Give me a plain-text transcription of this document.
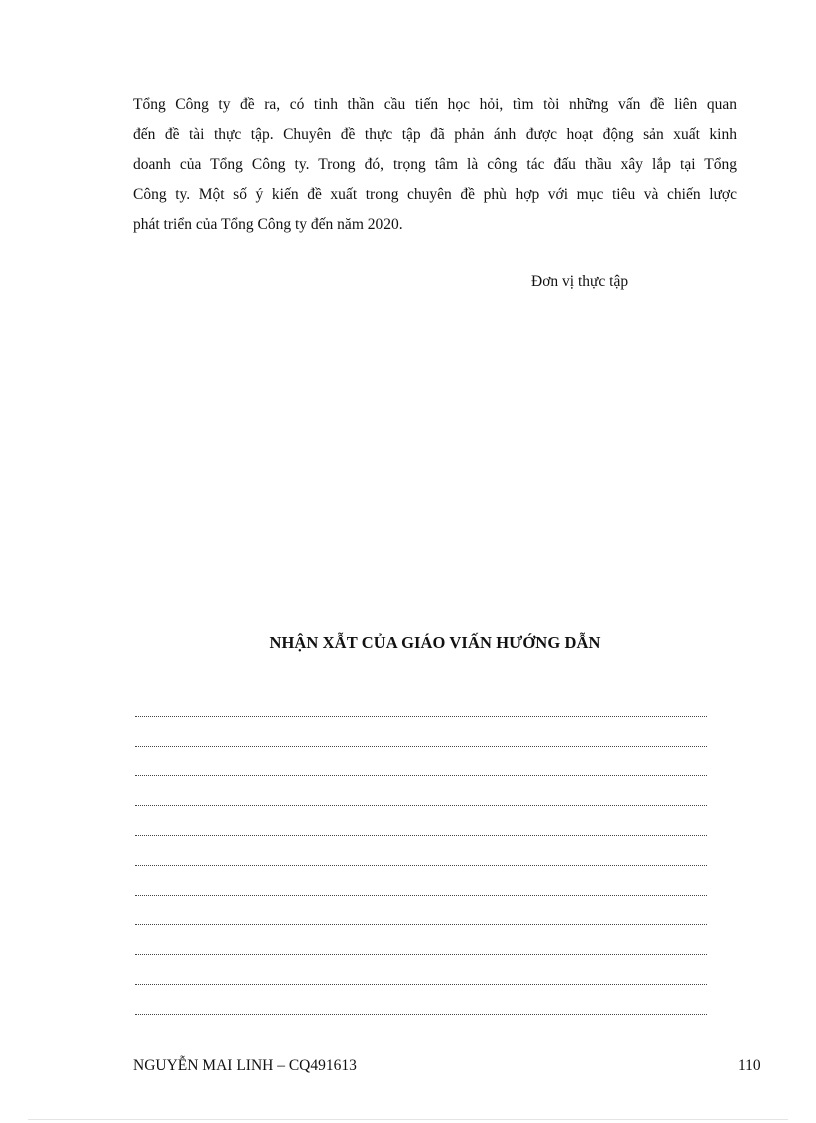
Tổng Công ty đề ra, có tinh thần cầu tiến học hỏi, tìm tòi những vấn đề liên quan
đến đề tài thực tập. Chuyên đề thực tập đã phản ánh được hoạt động sản xuất kinh
doanh của Tổng Công ty. Trong đó, trọng tâm là công tác đấu thầu xây lắp tại Tổng
Công ty. Một số ý kiến đề xuất trong chuyên đề phù hợp với mục tiêu và chiến lược
phát triển của Tổng Công ty đến năm 2020.
Đơn vị thực tập
NHẬN XẪT CỦA GIÁO VIẤN HƯỚNG DẪN
NGUYỄN MAI LINH – CQ491613	110
